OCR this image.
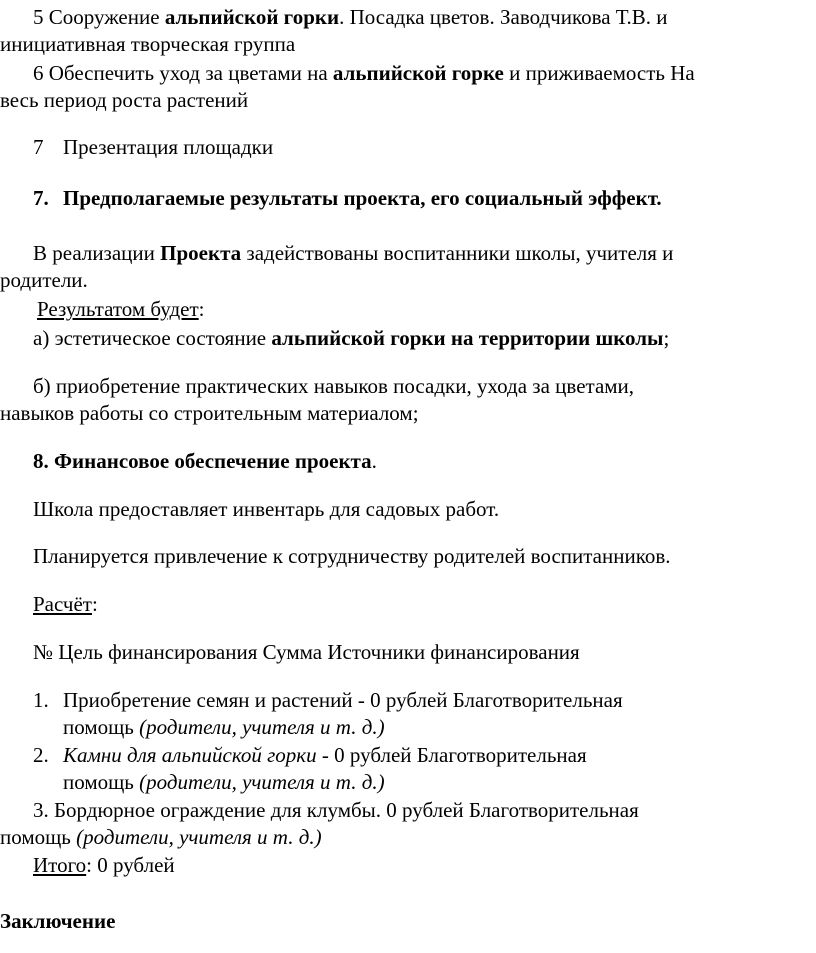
5 Сооружение альпийской горки. Посадка цветов. Заводчикова Т.В. и
инициативная творческая группа
6 Обеспечить уход за цветами на альпийской горке и приживаемость На
весь период роста растений
7 Презентация площадки
7. Предполагаемые результаты проекта, его социальный эффект.
В реализации Проекта задействованы воспитанники школы, учителя и
родители.
Результатом будет:
а) эстетическое состояние альпийской горки на территории школы;
б) приобретение практических навыков посадки, ухода за цветами,
навыков работы со строительным материалом;
8. Финансовое обеспечение проекта.
Школа предоставляет инвентарь для садовых работ.
Планируется привлечение к сотрудничеству родителей воспитанников.
Расчёт:
№ Цель финансирования Сумма Источники финансирования
1. Приобретение семян и растений - 0 рублей Благотворительная
помощь (родители, учителя и т. д.)
2. Камни для альпийской горки - 0 рублей Благотворительная
помощь (родители, учителя и т. д.)
3. Бордюрное ограждение для клумбы. 0 рублей Благотворительная
помощь (родители, учителя и т. д.)
Итого: 0 рублей
Заключение
